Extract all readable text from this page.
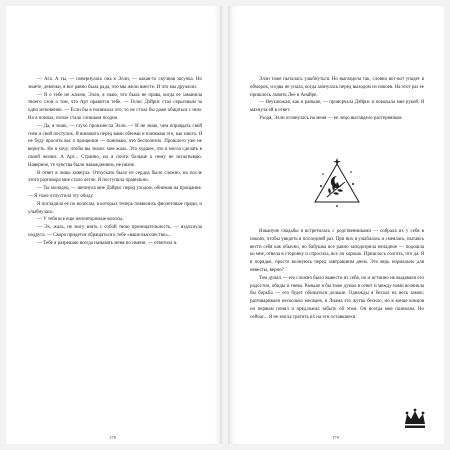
— Ага. А ты, — повернулась она к Эллн, — какая-то скучная засучка. Но знаете, девочки, я все равно была рада, что мы жили вместе. И что мы дружили.

— Я о тебе не жалею, Эллн, я знаю, что была не права, когда ее заманила твоего слон о том, что Арт нравится тебе. — Голос Дэйрис стал серьезным за одно мгновение. — Если бы я понимала это, то не стала бы даже общаться с ним. Но я поняла, потом стало слишком поздно.

— Да, я знаю, — глухо произнесла Эллн. — И не знаю, чем оправдать свой гнев и свой поступок. Я виновата перед вами обеими и понимаю это, как никто. Я не буду просить вас о прощении — понимаю, что бесполезно. Прошлого уже не вернуть. Но я хочу, чтобы вы знали: мне жаль. Это худшее, что я могла сделать в своей жизни. А Арт... Странно, но я почти больше к нему не испытываю. Наверное, те чувства были наваждением, не иначе.

В ответ я лишь кивнула. Отпускать было из сердца было сложно, но после этого разговора мне стало легче. Я поступила правильно.

— Ты молодец, — шепнула мне Дэйрис перед уходом, обнимая на прощание. — Я тоже отпустила эту обиду.

Я погладила ее по волосам, в которых теперь появились фиолетовые пряди, и улыбнулась:

— У тебя все еще неповторимые волосы.

— Эх, жаль, не могу взять с собой твою проницательность, — вздохнула подруга. — Скоро придется обращаться к тебе «ваше высочество»...

— Тебе я разрешаю всегда называть меня по имени, — ответила я.

178

Эллн тоже пыталась улыбнуться. Но выглядела так, словно вот-вот упадет в обморок, и едва не упала, когда запнулась перед выходом из покоев. На этот раз ее пришлось ловить Лее и Анайре.

— Неуклюжая, как и раньше, — проворчала Дэйрис и помахала мне рукой. Я махнула ей в ответ.

Уходя, Эллн оглянулась на меня — ее лицо выглядело растерянным.

Накануне свадьбы я встретилась с родственниками — собрала их у себя в покоях, чтобы увидеть в последний раз. При них я улыбалась и смеялась, пытаясь вести себя как обычно, но бабушка все равно заподозрила неладное — подошла ко мне, отвела в сторонку и спросила, все ли хорошо. Пришлось солгать, что да. Я в порядке, просто волнуюсь перед завтрашним днем. Это ведь нормально для невесты, верно?

Том думал — его сложно было вывести из себя, но и истинно не выдавали его радостно, обиды и гнева. Раньше я бы тоже думал в ответ и между нами возникла бы борьба — его будет обижаться дольше. Однажды я бегала на весь замок; разговаривали несколько месяцев, и Лиама это жутко бесило, но в конце концов он первым понял и предложил забыть об этом. Он всегда мне позволял. Но сейчас... Я не могла тратить их на эти оставшиеся

179
